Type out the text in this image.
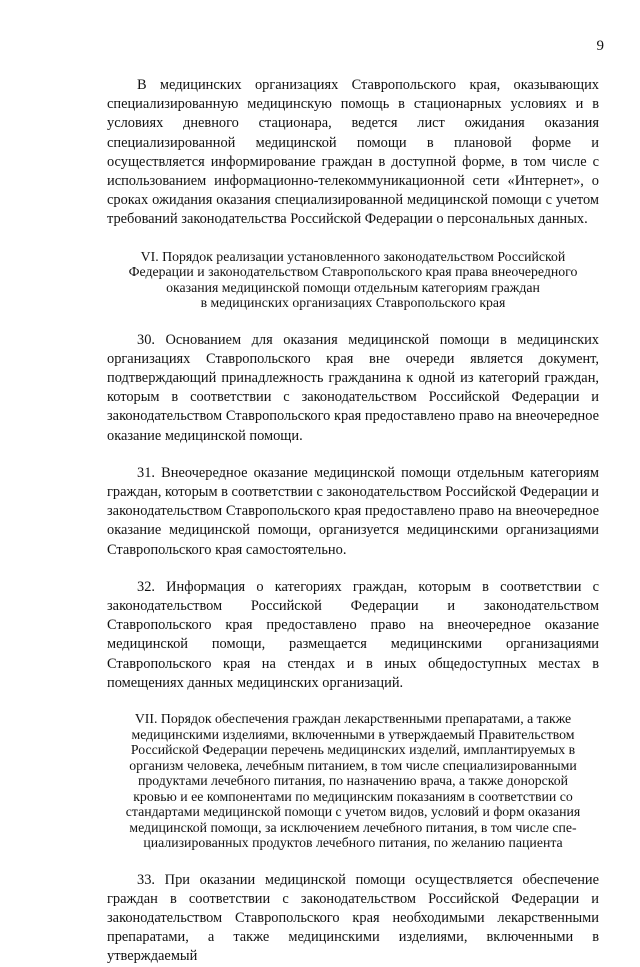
9

В медицинских организациях Ставропольского края, оказывающих специализированную медицинскую помощь в стационарных условиях и в условиях дневного стационара, ведется лист ожидания оказания специализированной медицинской помощи в плановой форме и осуществляется информирование граждан в доступной форме, в том числе с использованием информационно-телекоммуникационной сети «Интернет», о сроках ожидания оказания специализированной медицинской помощи с учетом требований законодательства Российской Федерации о персональных данных.

VI. Порядок реализации установленного законодательством Российской
Федерации и законодательством Ставропольского края права внеочередного
оказания медицинской помощи отдельным категориям граждан
в медицинских организациях Ставропольского края

30. Основанием для оказания медицинской помощи в медицинских организациях Ставропольского края вне очереди является документ, подтверждающий принадлежность гражданина к одной из категорий граждан, которым в соответствии с законодательством Российской Федерации и законодательством Ставропольского края предоставлено право на внеочередное оказание медицинской помощи.

31. Внеочередное оказание медицинской помощи отдельным категориям граждан, которым в соответствии с законодательством Российской Федерации и законодательством Ставропольского края предоставлено право на внеочередное оказание медицинской помощи, организуется медицинскими организациями Ставропольского края самостоятельно.

32. Информация о категориях граждан, которым в соответствии с законодательством Российской Федерации и законодательством Ставропольского края предоставлено право на внеочередное оказание медицинской помощи, размещается медицинскими организациями Ставропольского края на стендах и в иных общедоступных местах в помещениях данных медицинских организаций.

VII. Порядок обеспечения граждан лекарственными препаратами, а также
медицинскими изделиями, включенными в утверждаемый Правительством
Российской Федерации перечень медицинских изделий, имплантируемых в
организм человека, лечебным питанием, в том числе специализированными
продуктами лечебного питания, по назначению врача, а также донорской
кровью и ее компонентами по медицинским показаниям в соответствии со
стандартами медицинской помощи с учетом видов, условий и форм оказания
медицинской помощи, за исключением лечебного питания, в том числе спе-
циализированных продуктов лечебного питания, по желанию пациента

33. При оказании медицинской помощи осуществляется обеспечение граждан в соответствии с законодательством Российской Федерации и законодательством Ставропольского края необходимыми лекарственными препаратами, а также медицинскими изделиями, включенными в утверждаемый
